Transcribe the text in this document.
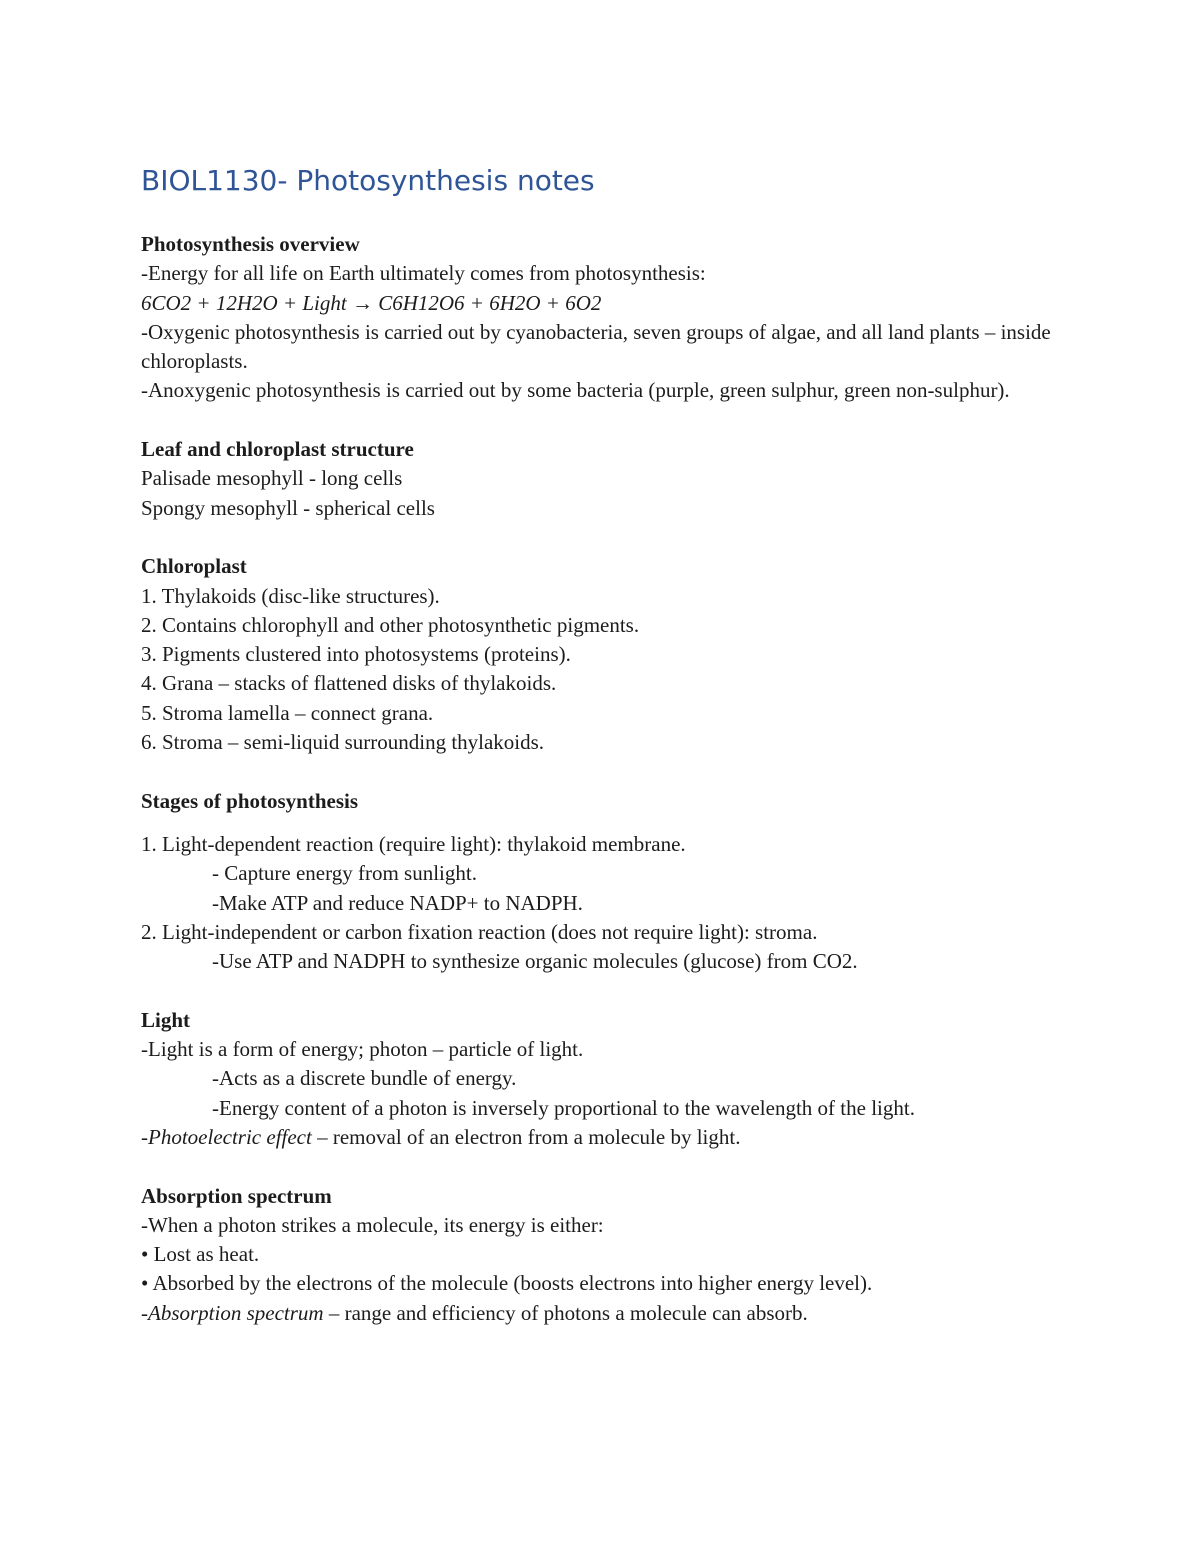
BIOL1130- Photosynthesis notes

Photosynthesis overview

-Energy for all life on Earth ultimately comes from photosynthesis:

6CO2 + 12H2O + Light → C6H12O6 + 6H2O + 6O2

-Oxygenic photosynthesis is carried out by cyanobacteria, seven groups of algae, and all land plants – inside chloroplasts.

-Anoxygenic photosynthesis is carried out by some bacteria (purple, green sulphur, green non-sulphur).

Leaf and chloroplast structure

Palisade mesophyll - long cells

Spongy mesophyll - spherical cells

Chloroplast

1. Thylakoids (disc-like structures).

2. Contains chlorophyll and other photosynthetic pigments.

3. Pigments clustered into photosystems (proteins).

4. Grana – stacks of flattened disks of thylakoids.

5. Stroma lamella – connect grana.

6. Stroma – semi-liquid surrounding thylakoids.

Stages of photosynthesis

1. Light-dependent reaction (require light): thylakoid membrane.

- Capture energy from sunlight.

-Make ATP and reduce NADP+ to NADPH.

2. Light-independent or carbon fixation reaction (does not require light): stroma.

-Use ATP and NADPH to synthesize organic molecules (glucose) from CO2.

Light

-Light is a form of energy; photon – particle of light.

-Acts as a discrete bundle of energy.

-Energy content of a photon is inversely proportional to the wavelength of the light.

-Photoelectric effect – removal of an electron from a molecule by light.

Absorption spectrum

-When a photon strikes a molecule, its energy is either:

• Lost as heat.

• Absorbed by the electrons of the molecule (boosts electrons into higher energy level).

-Absorption spectrum – range and efficiency of photons a molecule can absorb.
